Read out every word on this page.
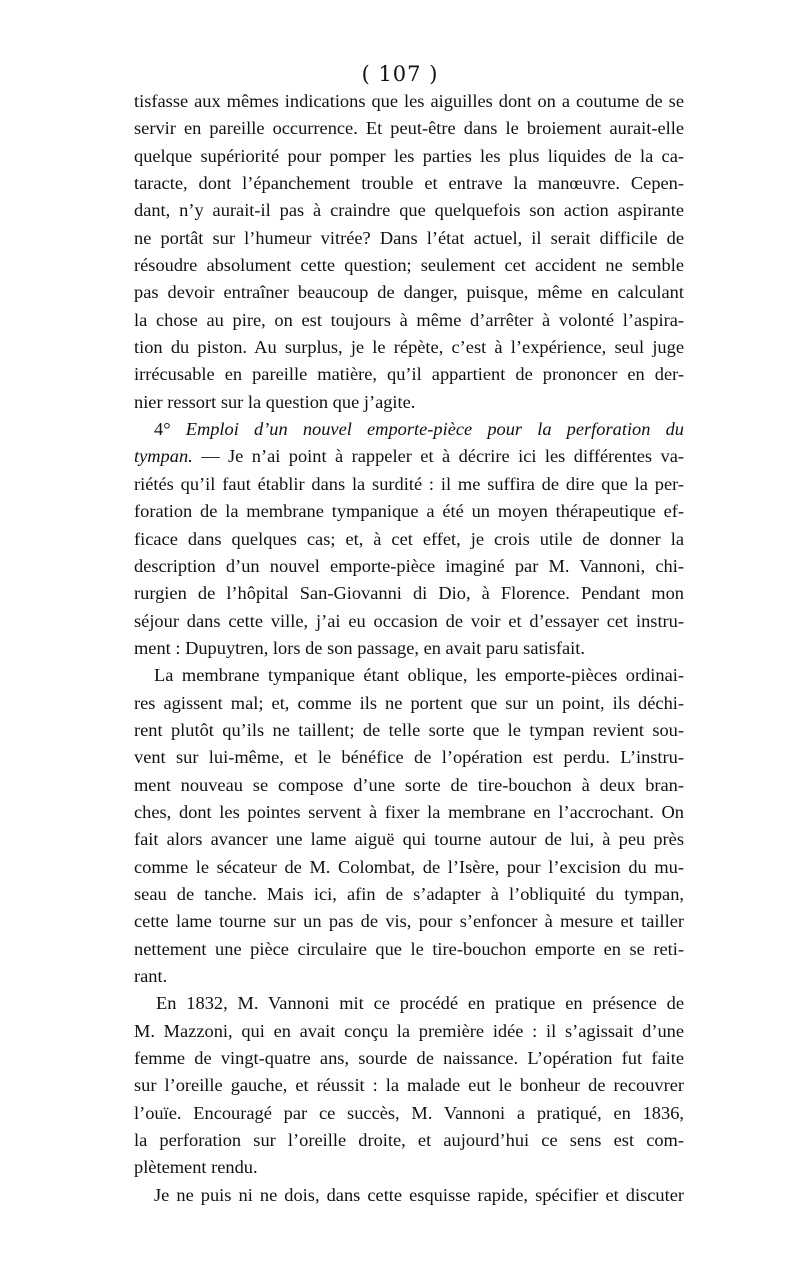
( 107 )
tisfasse aux mêmes indications que les aiguilles dont on a coutume de se
servir en pareille occurrence. Et peut-être dans le broiement aurait-elle
quelque supériorité pour pomper les parties les plus liquides de la ca-
taracte, dont l’épanchement trouble et entrave la manœuvre. Cepen-
dant, n’y aurait-il pas à craindre que quelquefois son action aspirante
ne portât sur l’humeur vitrée? Dans l’état actuel, il serait difficile de
résoudre absolument cette question; seulement cet accident ne semble
pas devoir entraîner beaucoup de danger, puisque, même en calculant
la chose au pire, on est toujours à même d’arrêter à volonté l’aspira-
tion du piston. Au surplus, je le répète, c’est à l’expérience, seul juge
irrécusable en pareille matière, qu’il appartient de prononcer en der-
nier ressort sur la question que j’agite.
4° Emploi d’un nouvel emporte-pièce pour la perforation du
tympan. — Je n’ai point à rappeler et à décrire ici les différentes va-
riétés qu’il faut établir dans la surdité : il me suffira de dire que la per-
foration de la membrane tympanique a été un moyen thérapeutique ef-
ficace dans quelques cas; et, à cet effet, je crois utile de donner la
description d’un nouvel emporte-pièce imaginé par M. Vannoni, chi-
rurgien de l’hôpital San-Giovanni di Dio, à Florence. Pendant mon
séjour dans cette ville, j’ai eu occasion de voir et d’essayer cet instru-
ment : Dupuytren, lors de son passage, en avait paru satisfait.
La membrane tympanique étant oblique, les emporte-pièces ordinai-
res agissent mal; et, comme ils ne portent que sur un point, ils déchi-
rent plutôt qu’ils ne taillent; de telle sorte que le tympan revient sou-
vent sur lui-même, et le bénéfice de l’opération est perdu. L’instru-
ment nouveau se compose d’une sorte de tire-bouchon à deux bran-
ches, dont les pointes servent à fixer la membrane en l’accrochant. On
fait alors avancer une lame aiguë qui tourne autour de lui, à peu près
comme le sécateur de M. Colombat, de l’Isère, pour l’excision du mu-
seau de tanche. Mais ici, afin de s’adapter à l’obliquité du tympan,
cette lame tourne sur un pas de vis, pour s’enfoncer à mesure et tailler
nettement une pièce circulaire que le tire-bouchon emporte en se reti-
rant.
En 1832, M. Vannoni mit ce procédé en pratique en présence de
M. Mazzoni, qui en avait conçu la première idée : il s’agissait d’une
femme de vingt-quatre ans, sourde de naissance. L’opération fut faite
sur l’oreille gauche, et réussit : la malade eut le bonheur de recouvrer
l’ouïe. Encouragé par ce succès, M. Vannoni a pratiqué, en 1836,
la perforation sur l’oreille droite, et aujourd’hui ce sens est com-
plètement rendu.
Je ne puis ni ne dois, dans cette esquisse rapide, spécifier et discuter
